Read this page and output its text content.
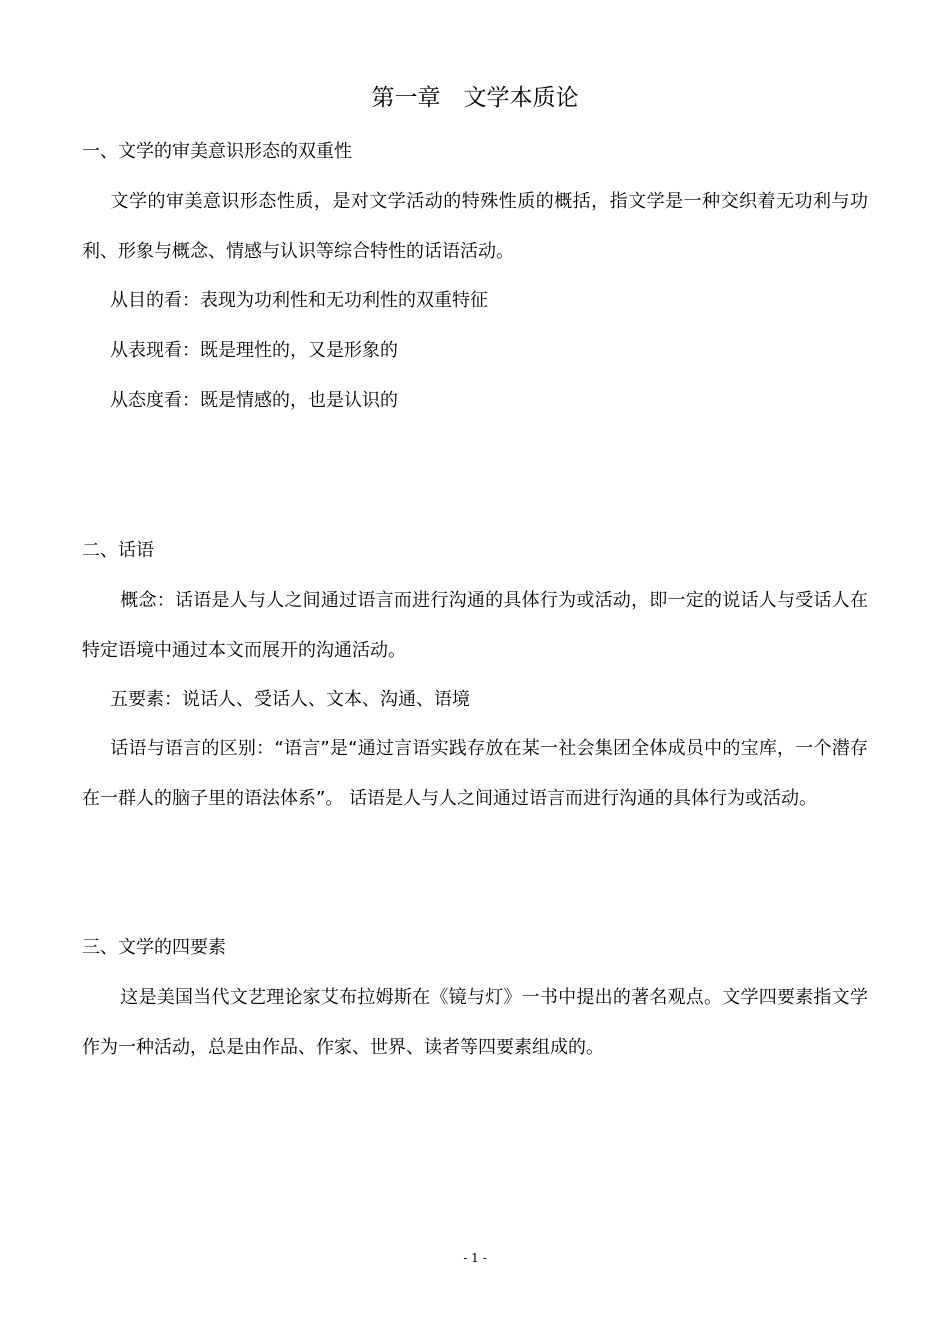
第一章　文学本质论
一、文学的审美意识形态的双重性
文学的审美意识形态性质，是对文学活动的特殊性质的概括，指文学是一种交织着无功利与功利、形象与概念、情感与认识等综合特性的话语活动。
从目的看：表现为功利性和无功利性的双重特征
从表现看：既是理性的，又是形象的
从态度看：既是情感的，也是认识的
二、话语
概念：话语是人与人之间通过语言而进行沟通的具体行为或活动，即一定的说话人与受话人在特定语境中通过本文而展开的沟通活动。
五要素：说话人、受话人、文本、沟通、语境
话语与语言的区别：“语言”是“通过言语实践存放在某一社会集团全体成员中的宝库，一个潜存在一群人的脑子里的语法体系”。 话语是人与人之间通过语言而进行沟通的具体行为或活动。
三、文学的四要素
这是美国当代文艺理论家艾布拉姆斯在《镜与灯》一书中提出的著名观点。文学四要素指文学作为一种活动，总是由作品、作家、世界、读者等四要素组成的。
- 1 -
